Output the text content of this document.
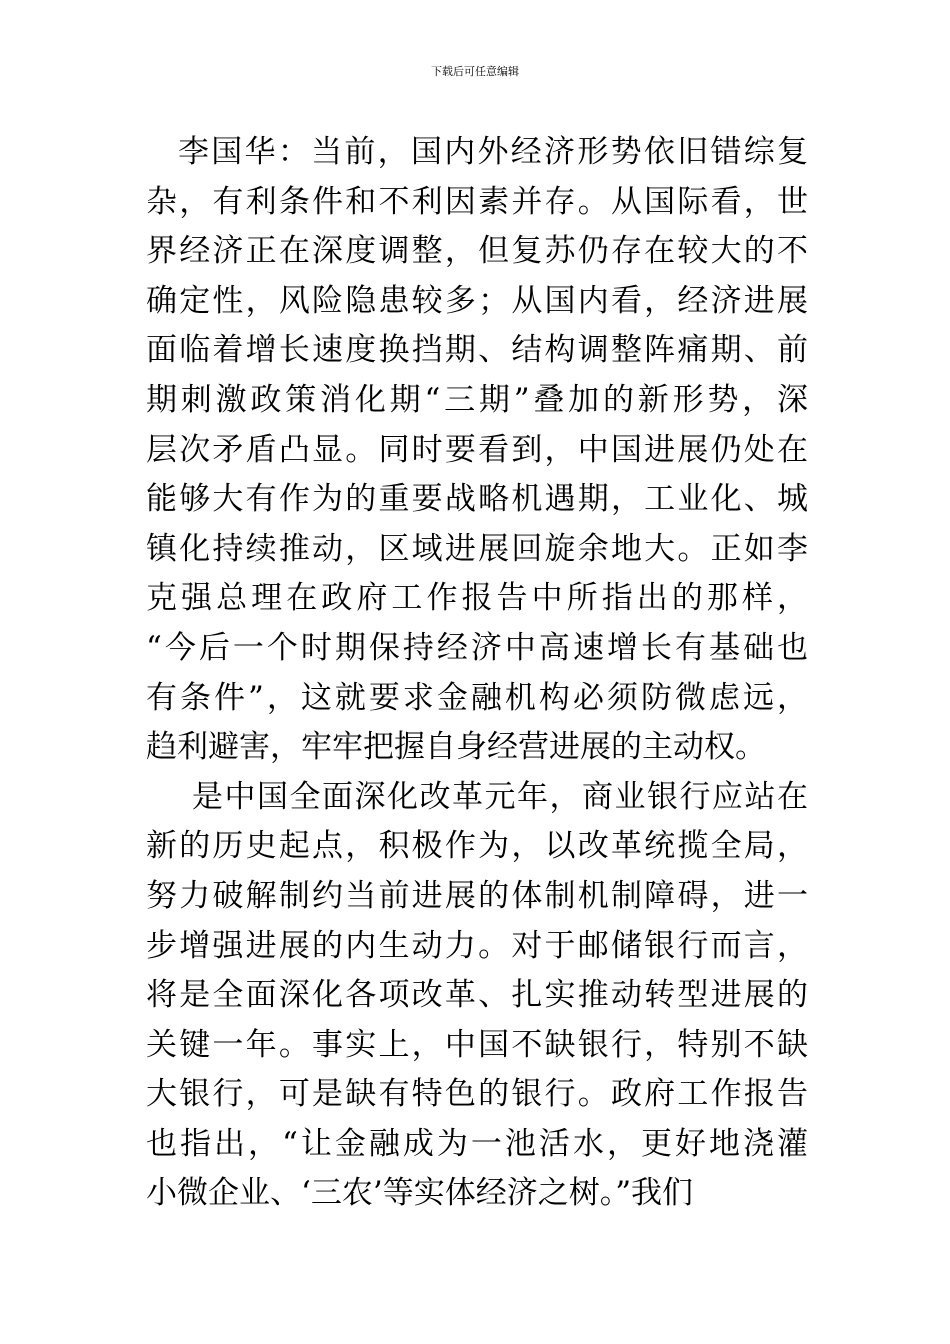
下载后可任意编辑
李国华：当前，国内外经济形势依旧错综复
杂，有利条件和不利因素并存。从国际看，世
界经济正在深度调整，但复苏仍存在较大的不
确定性，风险隐患较多；从国内看，经济进展
面临着增长速度换挡期、结构调整阵痛期、前
期刺激政策消化期“三期”叠加的新形势，深
层次矛盾凸显。同时要看到，中国进展仍处在
能够大有作为的重要战略机遇期，工业化、城
镇化持续推动，区域进展回旋余地大。正如李
克强总理在政府工作报告中所指出的那样，
“今后一个时期保持经济中高速增长有基础也
有条件”，这就要求金融机构必须防微虑远，
趋利避害，牢牢把握自身经营进展的主动权。
是中国全面深化改革元年，商业银行应站在
新的历史起点，积极作为，以改革统揽全局，
努力破解制约当前进展的体制机制障碍，进一
步增强进展的内生动力。对于邮储银行而言，
将是全面深化各项改革、扎实推动转型进展的
关键一年。事实上，中国不缺银行，特别不缺
大银行，可是缺有特色的银行。政府工作报告
也指出，“让金融成为一池活水，更好地浇灌
小微企业、‘三农’等实体经济之树。”我们
